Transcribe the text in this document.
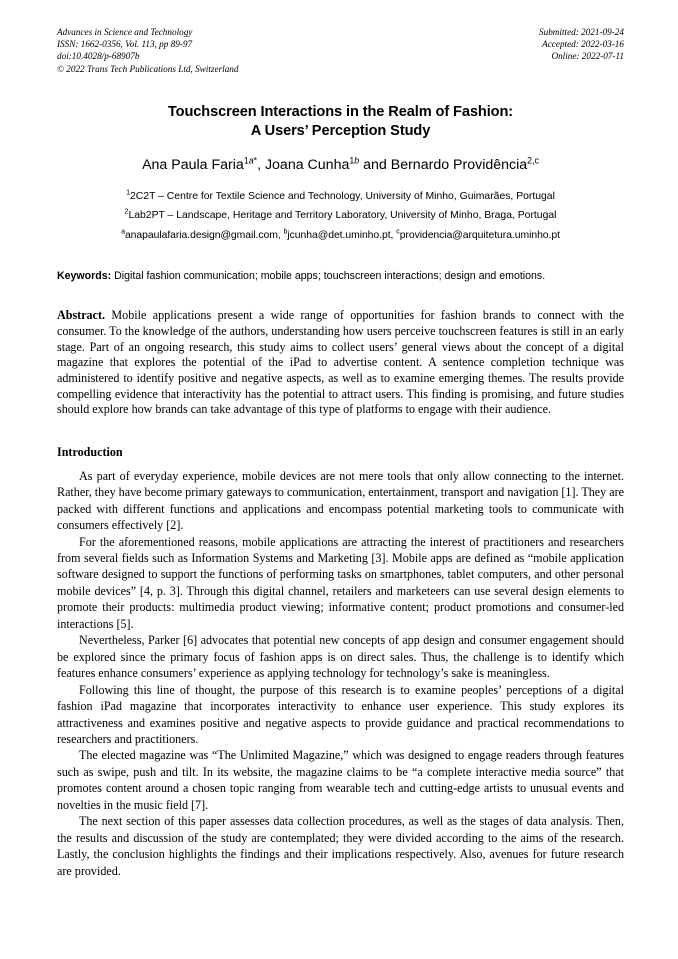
Advances in Science and Technology
ISSN: 1662-0356, Vol. 113, pp 89-97
doi:10.4028/p-68907b
© 2022 Trans Tech Publications Ltd, Switzerland
Submitted: 2021-09-24
Accepted: 2022-03-16
Online: 2022-07-11
Touchscreen Interactions in the Realm of Fashion:
A Users’ Perception Study
Ana Paula Faria$^{1a*}$, Joana Cunha$^{1b}$ and Bernardo Providência$^{2,c}$
$^1$2C2T – Centre for Textile Science and Technology, University of Minho, Guimarães, Portugal
$^2$Lab2PT – Landscape, Heritage and Territory Laboratory, University of Minho, Braga, Portugal
$^a$anapaulafaria.design@gmail.com, $^b$jcunha@det.uminho.pt, $^c$providencia@arquitetura.uminho.pt
Keywords: Digital fashion communication; mobile apps; touchscreen interactions; design and emotions.
Abstract. Mobile applications present a wide range of opportunities for fashion brands to connect with the consumer. To the knowledge of the authors, understanding how users perceive touchscreen features is still in an early stage. Part of an ongoing research, this study aims to collect users’ general views about the concept of a digital magazine that explores the potential of the iPad to advertise content. A sentence completion technique was administered to identify positive and negative aspects, as well as to examine emerging themes. The results provide compelling evidence that interactivity has the potential to attract users. This finding is promising, and future studies should explore how brands can take advantage of this type of platforms to engage with their audience.
Introduction

As part of everyday experience, mobile devices are not mere tools that only allow connecting to the internet. Rather, they have become primary gateways to communication, entertainment, transport and navigation [1]. They are packed with different functions and applications and encompass potential marketing tools to communicate with consumers effectively [2].

For the aforementioned reasons, mobile applications are attracting the interest of practitioners and researchers from several fields such as Information Systems and Marketing [3]. Mobile apps are defined as “mobile application software designed to support the functions of performing tasks on smartphones, tablet computers, and other personal mobile devices” [4, p. 3]. Through this digital channel, retailers and marketeers can use several design elements to promote their products: multimedia product viewing; informative content; product promotions and consumer-led interactions [5].

Nevertheless, Parker [6] advocates that potential new concepts of app design and consumer engagement should be explored since the primary focus of fashion apps is on direct sales. Thus, the challenge is to identify which features enhance consumers’ experience as applying technology for technology’s sake is meaningless.

Following this line of thought, the purpose of this research is to examine peoples’ perceptions of a digital fashion iPad magazine that incorporates interactivity to enhance user experience. This study explores its attractiveness and examines positive and negative aspects to provide guidance and practical recommendations to researchers and practitioners.

The elected magazine was “The Unlimited Magazine,” which was designed to engage readers through features such as swipe, push and tilt. In its website, the magazine claims to be “a complete interactive media source” that promotes content around a chosen topic ranging from wearable tech and cutting-edge artists to unusual events and novelties in the music field [7].

The next section of this paper assesses data collection procedures, as well as the stages of data analysis. Then, the results and discussion of the study are contemplated; they were divided according to the aims of the research. Lastly, the conclusion highlights the findings and their implications respectively. Also, avenues for future research are provided.
